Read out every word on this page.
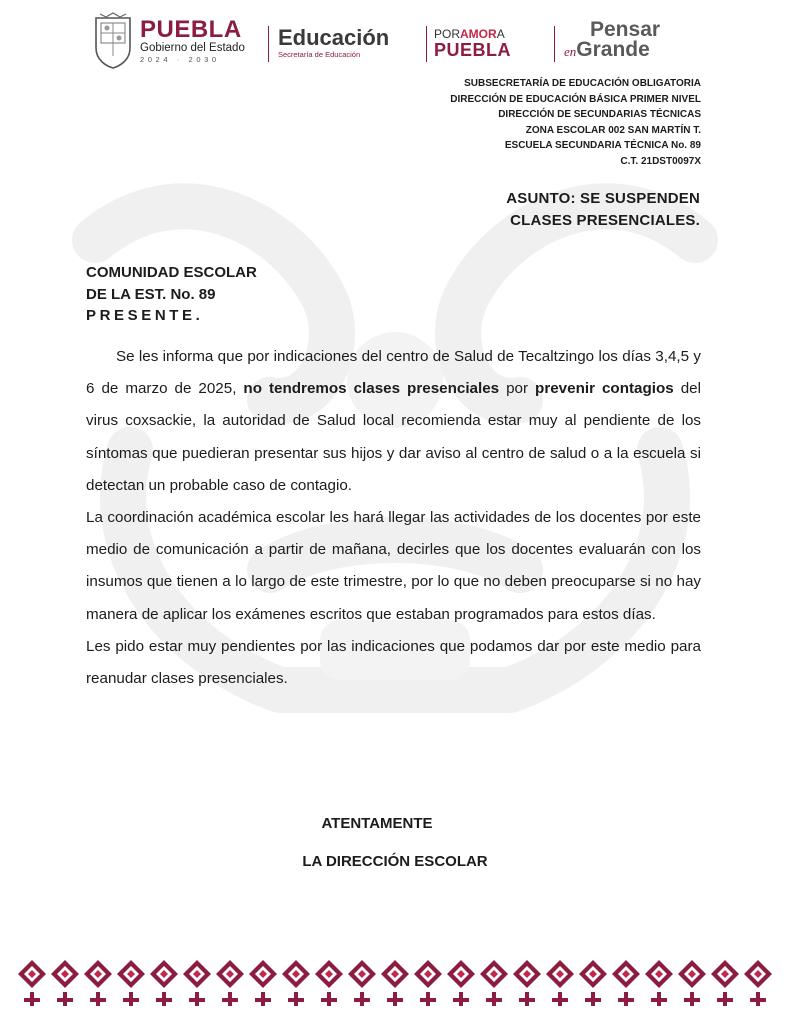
PUEBLA
Gobierno del Estado
2024 · 2030
Educación
Secretaría de Educación
PORAMORA
PUEBLA
Pensar
enGrande
SUBSECRETARÍA DE EDUCACIÓN OBLIGATORIA
DIRECCIÓN DE EDUCACIÓN BÁSICA PRIMER NIVEL
DIRECCIÓN DE SECUNDARIAS TÉCNICAS
ZONA ESCOLAR 002 SAN MARTÍN T.
ESCUELA SECUNDARIA TÉCNICA No. 89
C.T. 21DST0097X
ASUNTO: SE SUSPENDEN
CLASES PRESENCIALES.
COMUNIDAD ESCOLAR
DE LA EST. No. 89
PRESENTE.

Se les informa que por indicaciones del centro de Salud de Tecaltzingo los días 3,4,5 y 6 de marzo de 2025, no tendremos clases presenciales por prevenir contagios del virus coxsackie, la autoridad de Salud local recomienda estar muy al pendiente de los síntomas que puedieran presentar sus hijos y dar aviso al centro de salud o a la escuela si detectan un probable caso de contagio.

La coordinación académica escolar les hará llegar las actividades de los docentes por este medio de comunicación a partir de mañana, decirles que los docentes evaluarán con los insumos que tienen a lo largo de este trimestre, por lo que no deben preocuparse si no hay manera de aplicar los exámenes escritos que estaban programados para estos días.

Les pido estar muy pendientes por las indicaciones que podamos dar por este medio para reanudar clases presenciales.

ATENTAMENTE
LA DIRECCIÓN ESCOLAR
